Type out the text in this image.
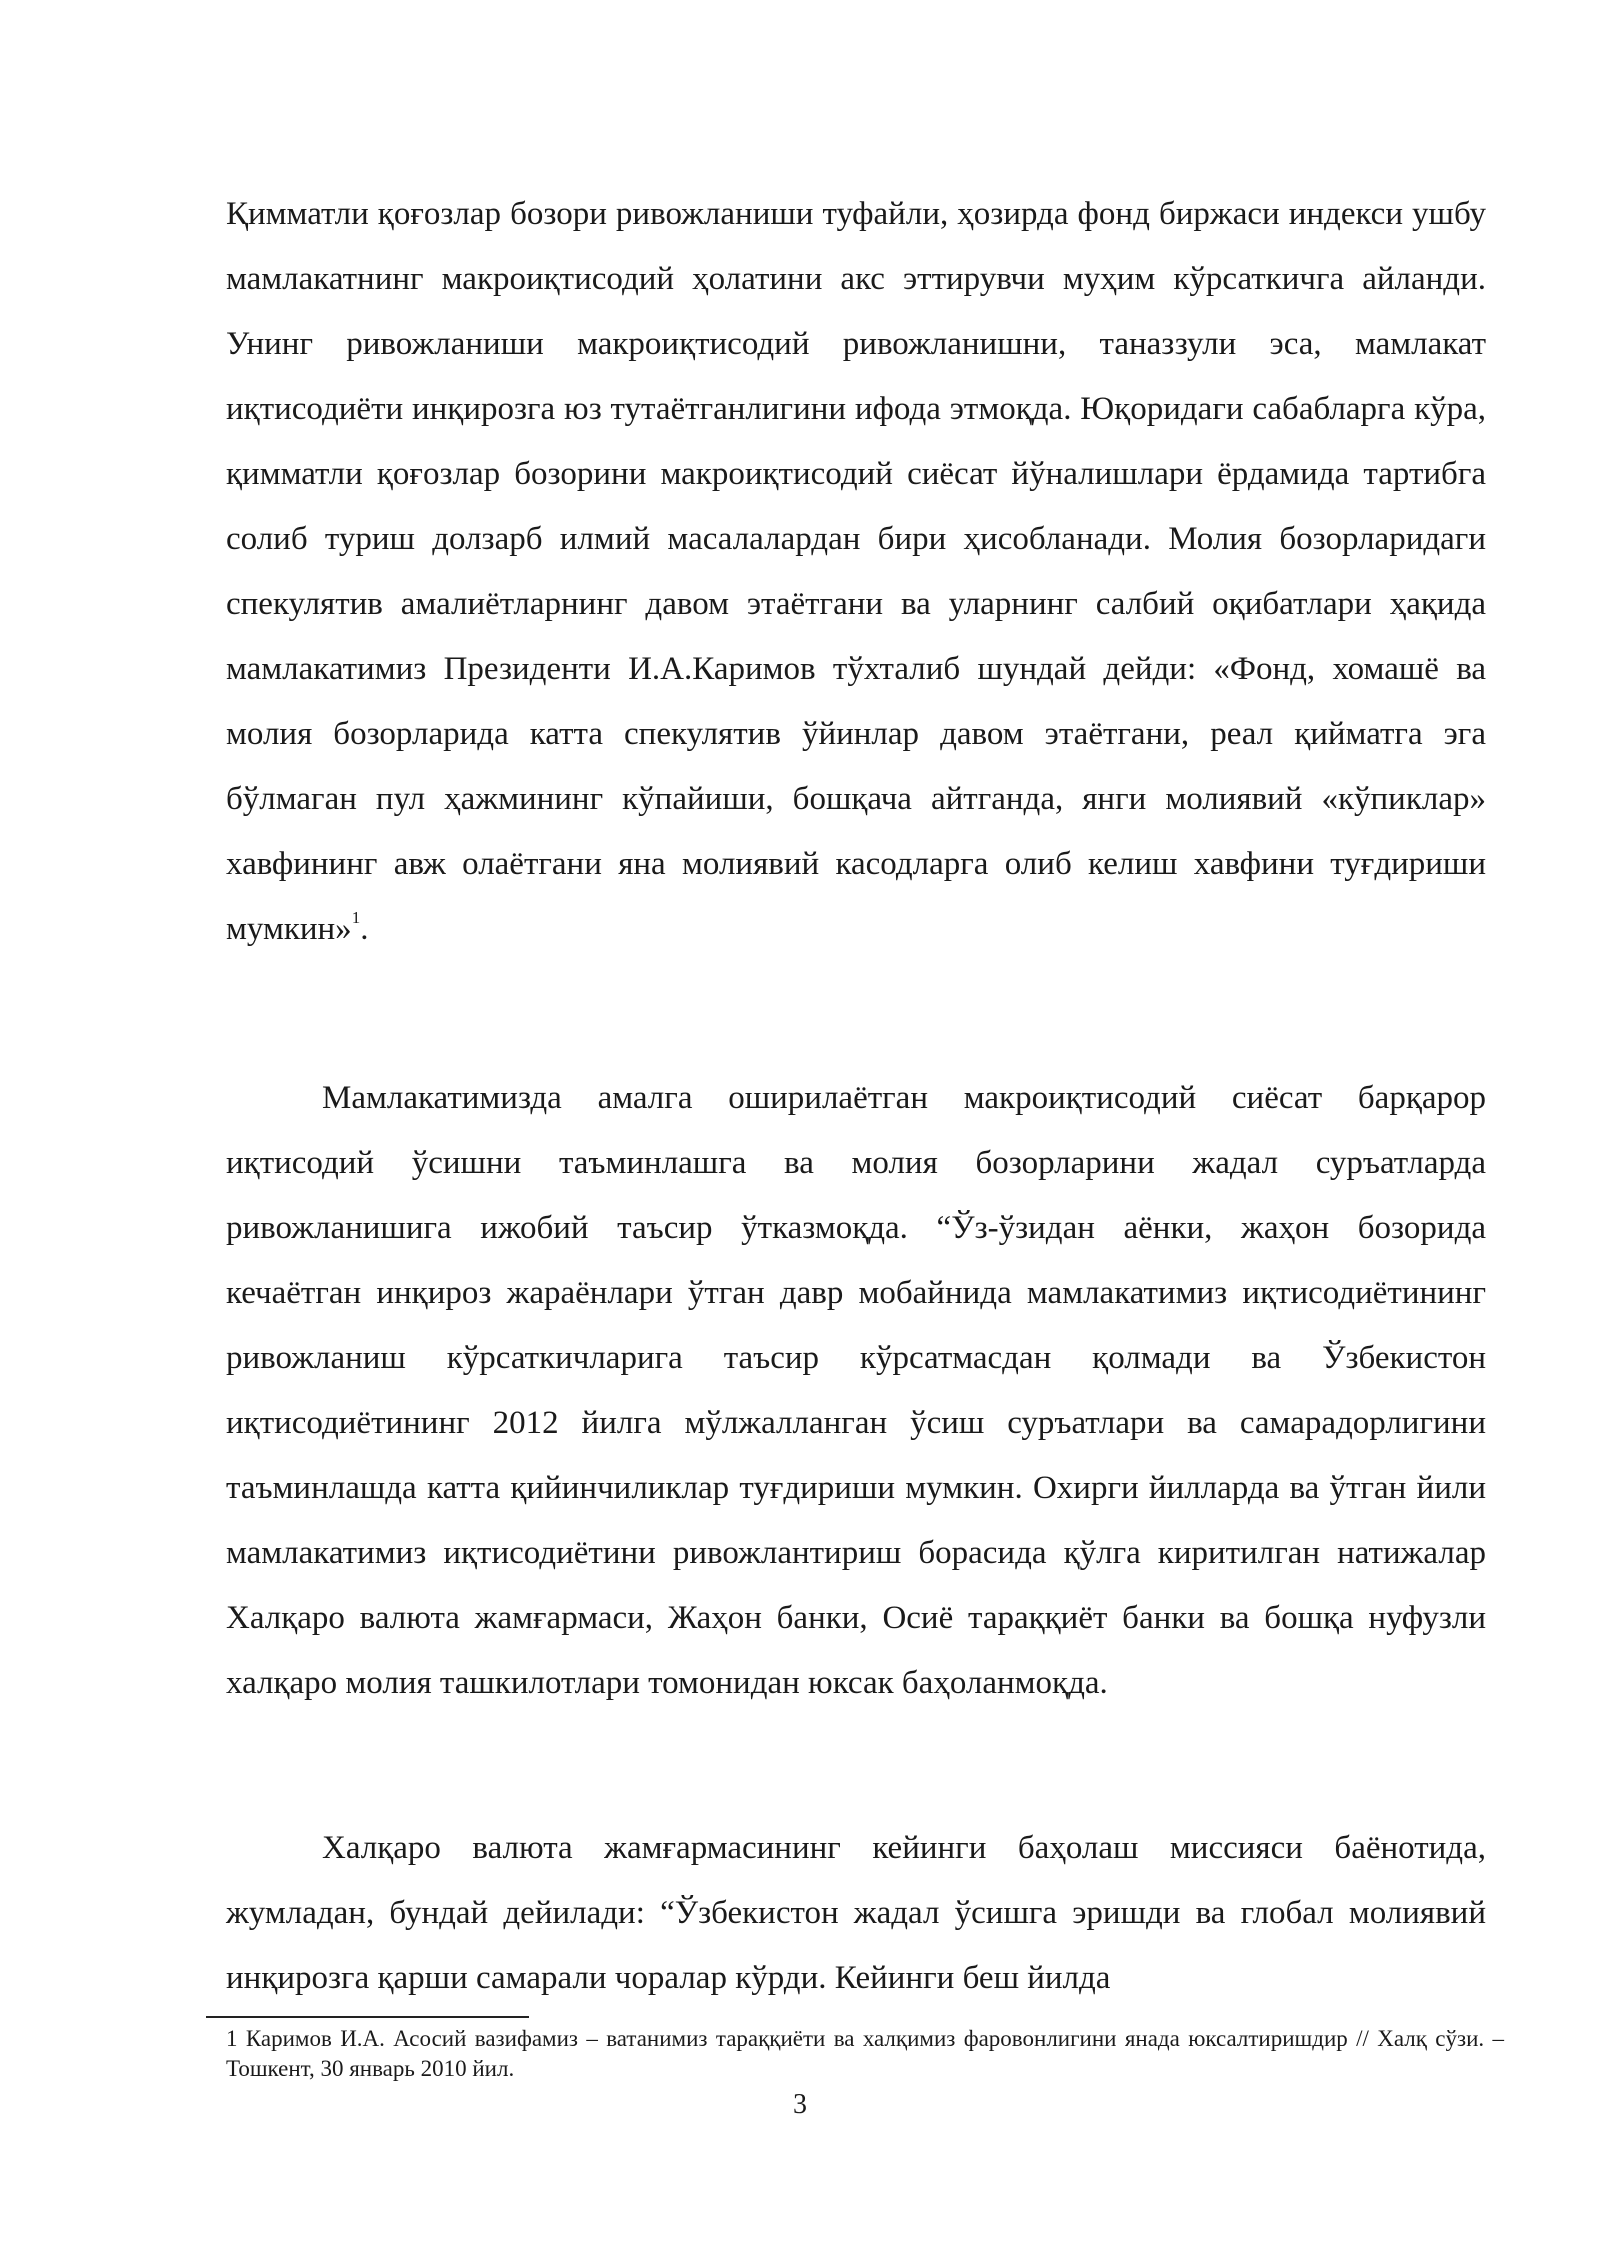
Қимматли қоғозлар бозори ривожланиши туфайли, ҳозирда фонд биржаси индекси ушбу мамлакатнинг макроиқтисодий ҳолатини акс эттирувчи муҳим кўрсаткичга айланди. Унинг ривожланиши макроиқтисодий ривожланишни, таназзули эса, мамлакат иқтисодиёти инқирозга юз тутаётганлигини ифода этмоқда. Юқоридаги сабабларга кўра, қимматли қоғозлар бозорини макроиқтисодий сиёсат йўналишлари ёрдамида тартибга солиб туриш долзарб илмий масалалардан бири ҳисобланади. Молия бозорларидаги спекулятив амалиётларнинг давом этаётгани ва уларнинг салбий оқибатлари ҳақида мамлакатимиз Президенти И.А.Каримов тўхталиб шундай дейди: «Фонд, хомашё ва молия бозорларида катта спекулятив ўйинлар давом этаётгани, реал қийматга эга бўлмаган пул ҳажмининг кўпайиши, бошқача айтганда, янги молиявий «кўпиклар» хавфининг авж олаётгани яна молиявий касодларга олиб келиш хавфини туғдириши мумкин»$^1$.

Мамлакатимизда амалга оширилаётган макроиқтисодий сиёсат барқарор иқтисодий ўсишни таъминлашга ва молия бозорларини жадал суръатларда ривожланишига ижобий таъсир ўтказмоқда. “Ўз-ўзидан аёнки, жаҳон бозорида кечаётган инқироз жараёнлари ўтган давр мобайнида мамлакатимиз иқтисодиётининг ривожланиш кўрсаткичларига таъсир кўрсатмасдан қолмади ва Ўзбекистон иқтисодиётининг 2012 йилга мўлжалланган ўсиш суръатлари ва самарадорлигини таъминлашда катта қийинчиликлар туғдириши мумкин. Охирги йилларда ва ўтган йили мамлакатимиз иқтисодиётини ривожлантириш борасида қўлга киритилган натижалар Халқаро валюта жамғармаси, Жаҳон банки, Осиё тараққиёт банки ва бошқа нуфузли халқаро молия ташкилотлари томонидан юксак баҳоланмоқда.

Халқаро валюта жамғармасининг кейинги баҳолаш миссияси баёнотида, жумладан, бундай дейилади: “Ўзбекистон жадал ўсишга эришди ва глобал молиявий инқирозга қарши самарали чоралар кўрди. Кейинги беш йилда

1 Каримов И.А. Асосий вазифамиз – ватанимиз тараққиёти ва халқимиз фаровонлигини янада юксалтиришдир // Халқ сўзи. – Тошкент, 30 январь 2010 йил.

3
